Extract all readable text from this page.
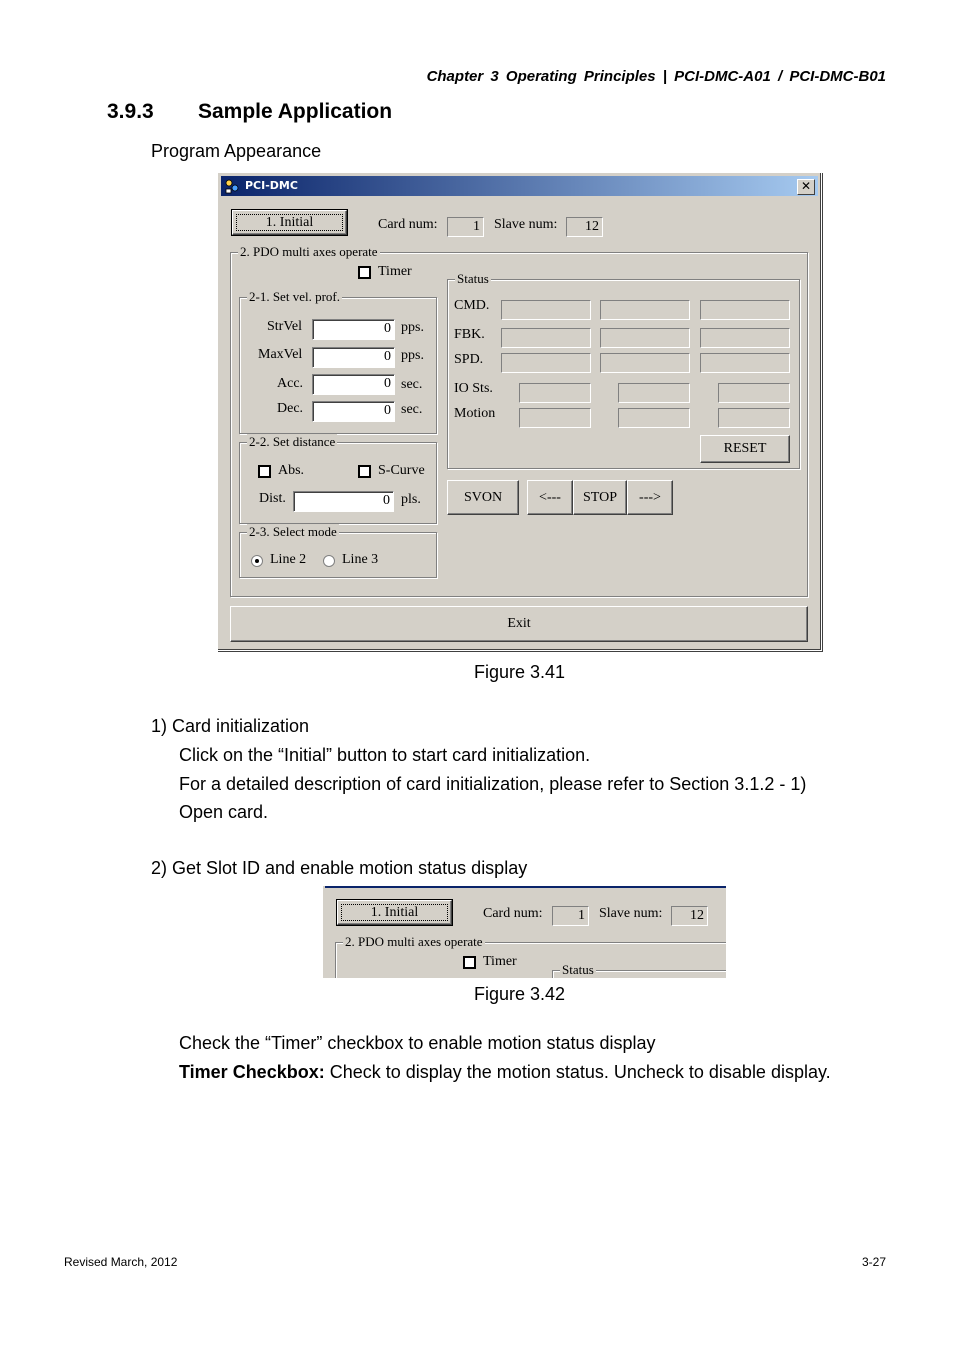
Chapter 3 Operating Principles | PCI-DMC-A01 / PCI-DMC-B01
3.9.3 Sample Application
Program Appearance
PCI-DMC	✕
1. Initial	Card num:	1 Slave num:	12
2. PDO multi axes operate
Timer
2-1. Set vel. prof.
StrVel	0 pps.
MaxVel	0 pps.
Acc.	0 sec.
Dec.	0 sec.
2-2. Set distance
Abs.	S-Curve
Dist.	0 pls.
2-3. Select mode
Line 2	Line 3
Status
CMD.
FBK.
SPD.
IO Sts.
Motion
RESET
SVON	<---	STOP	--->
Exit
Figure 3.41
1) Card initialization
Click on the “Initial” button to start card initialization.
For a detailed description of card initialization, please refer to Section 3.1.2 - 1)
Open card.
2) Get Slot ID and enable motion status display
1. Initial	Card num:	1 Slave num:	12
2. PDO multi axes operate
Timer
Status
Figure 3.42
Check the “Timer” checkbox to enable motion status display
Timer Checkbox: Check to display the motion status. Uncheck to disable display.
Revised March, 2012	3-27
